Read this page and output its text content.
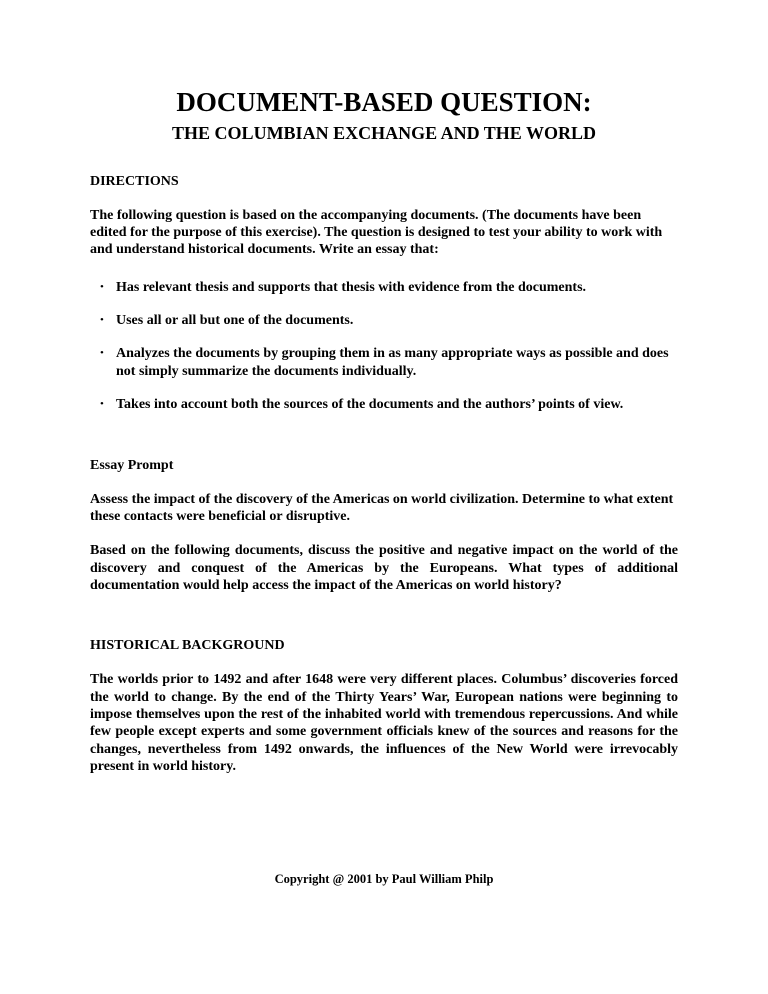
DOCUMENT-BASED QUESTION:
THE COLUMBIAN EXCHANGE AND THE WORLD
DIRECTIONS

The following question is based on the accompanying documents. (The documents have been edited for the purpose of this exercise). The question is designed to test your ability to work with and understand historical documents. Write an essay that:

• Has relevant thesis and supports that thesis with evidence from the documents.
• Uses all or all but one of the documents.
• Analyzes the documents by grouping them in as many appropriate ways as possible and does not simply summarize the documents individually.
• Takes into account both the sources of the documents and the authors’ points of view.
Essay Prompt

Assess the impact of the discovery of the Americas on world civilization. Determine to what extent these contacts were beneficial or disruptive.

Based on the following documents, discuss the positive and negative impact on the world of the discovery and conquest of the Americas by the Europeans. What types of additional documentation would help access the impact of the Americas on world history?

HISTORICAL BACKGROUND

The worlds prior to 1492 and after 1648 were very different places. Columbus’ discoveries forced the world to change. By the end of the Thirty Years’ War, European nations were beginning to impose themselves upon the rest of the inhabited world with tremendous repercussions. And while few people except experts and some government officials knew of the sources and reasons for the changes, nevertheless from 1492 onwards, the influences of the New World were irrevocably present in world history.

Copyright @ 2001 by Paul William Philp
